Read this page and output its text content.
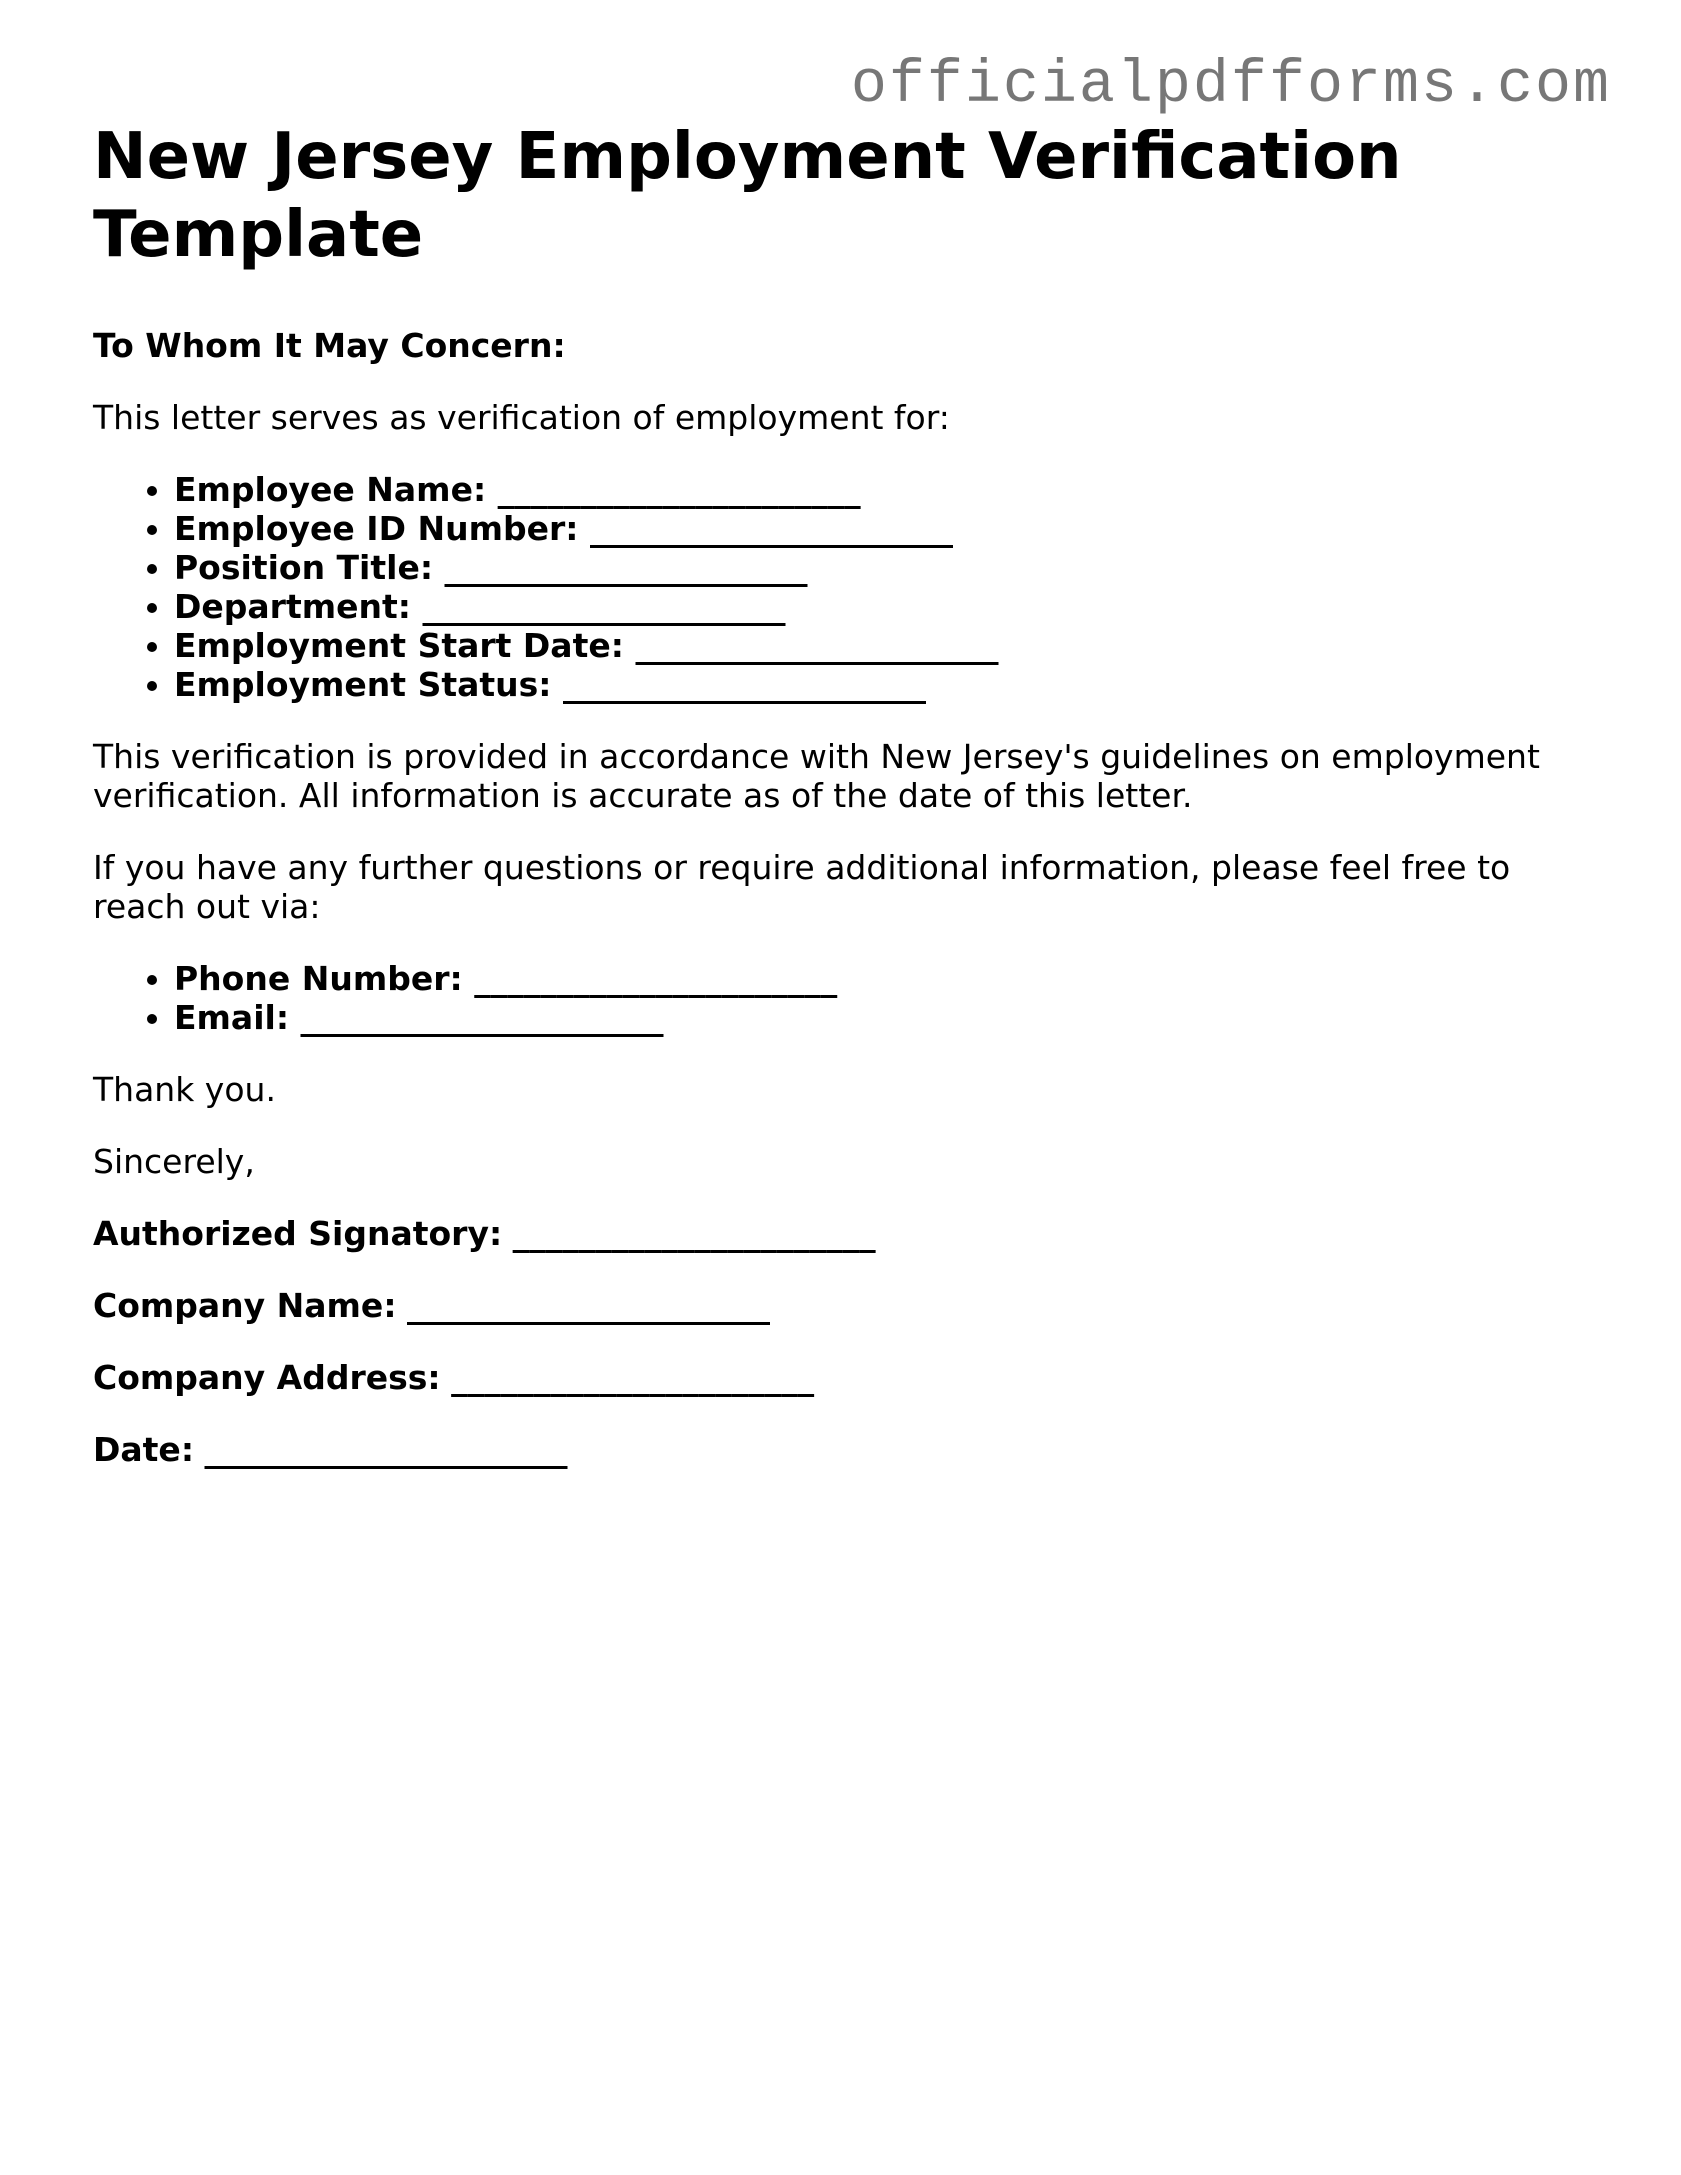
officialpdfforms.com
New Jersey Employment Verification Template

To Whom It May Concern:

This letter serves as verification of employment for:

• Employee Name: ______________________
• Employee ID Number: ______________________
• Position Title: ______________________
• Department: ______________________
• Employment Start Date: ______________________
• Employment Status: ______________________

This verification is provided in accordance with New Jersey's guidelines on employment verification. All information is accurate as of the date of this letter.

If you have any further questions or require additional information, please feel free to reach out via:

• Phone Number: ______________________
• Email: ______________________

Thank you.

Sincerely,

Authorized Signatory: ______________________

Company Name: ______________________

Company Address: ______________________

Date: ______________________
